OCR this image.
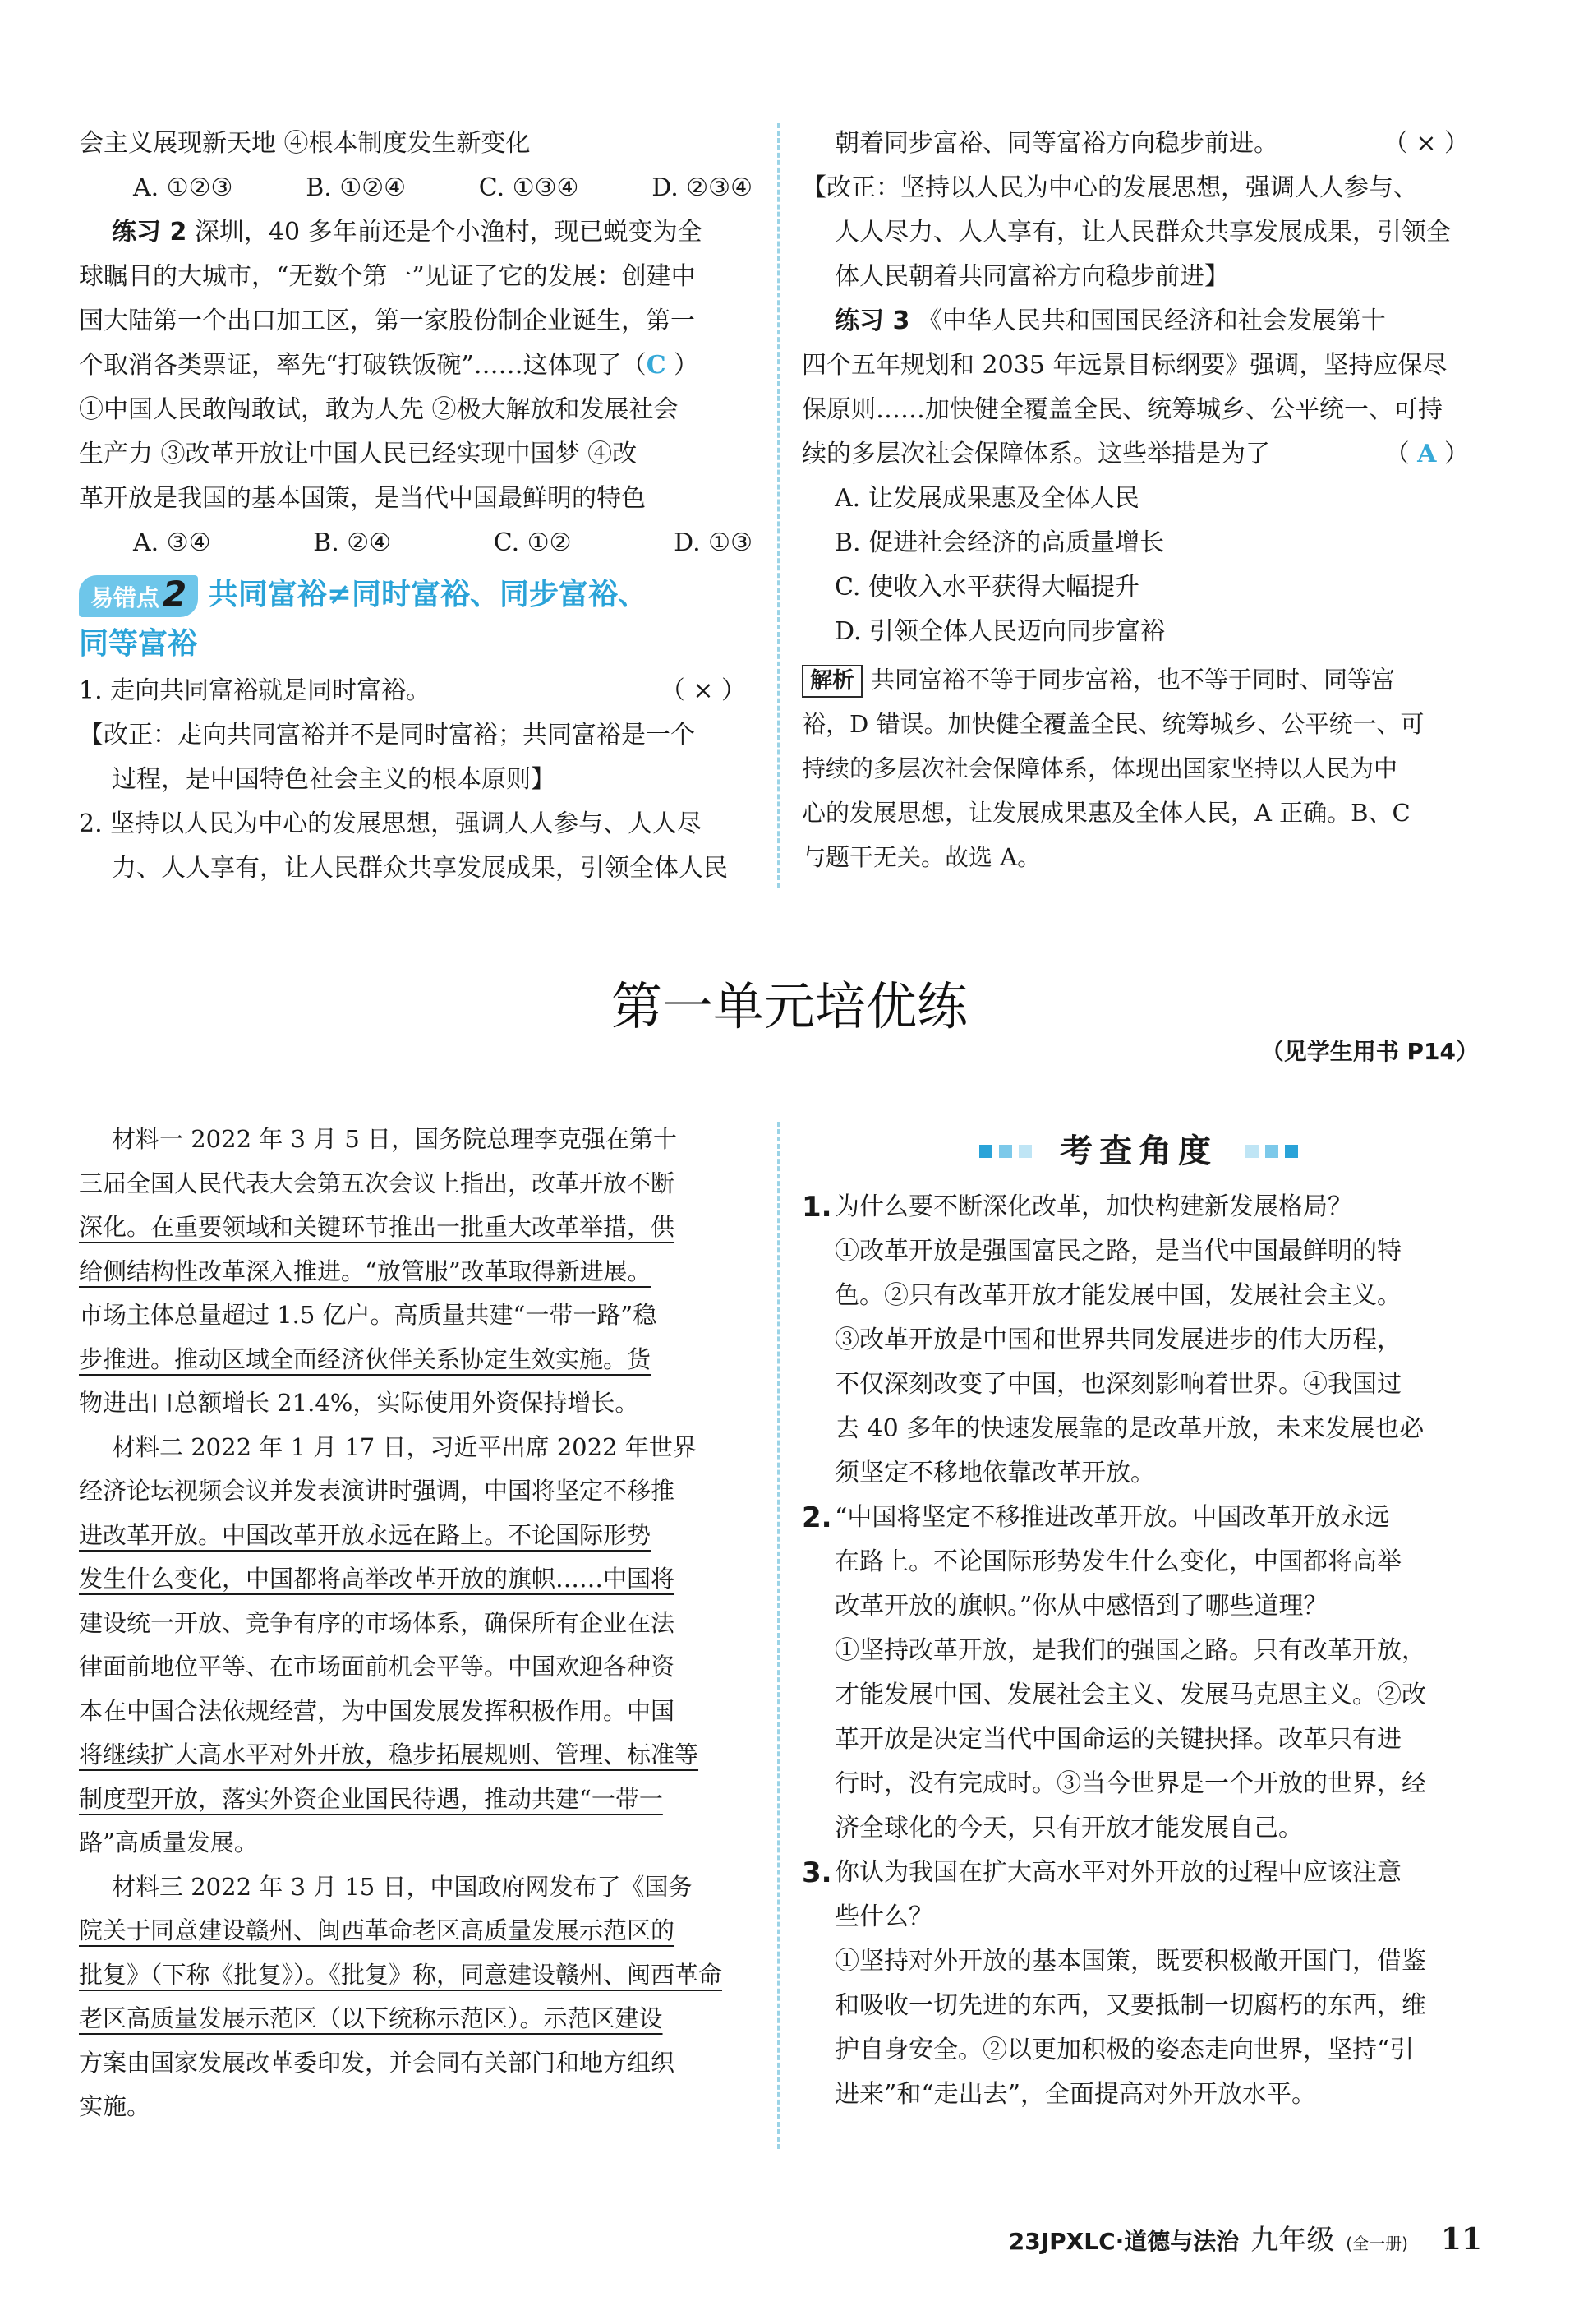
会主义展现新天地 ④根本制度发生新变化

A. ①②③	B. ①②④	C. ①③④	D. ②③④

练习 2 深圳，40 多年前还是个小渔村，现已蜕变为全

球瞩目的大城市，“无数个第一”见证了它的发展：创建中

国大陆第一个出口加工区，第一家股份制企业诞生，第一

个取消各类票证，率先“打破铁饭碗”……这体现了（C ）

①中国人民敢闯敢试，敢为人先 ②极大解放和发展社会

生产力 ③改革开放让中国人民已经实现中国梦 ④改

革开放是我国的基本国策，是当代中国最鲜明的特色

A. ③④	B. ②④	C. ①②	D. ①③
易错点2 共同富裕≠同时富裕、同步富裕、
同等富裕

1. 走向共同富裕就是同时富裕。	（ × ）

【改正：走向共同富裕并不是同时富裕；共同富裕是一个

过程，是中国特色社会主义的根本原则】

2. 坚持以人民为中心的发展思想，强调人人参与、人人尽

力、人人享有，让人民群众共享发展成果，引领全体人民

朝着同步富裕、同等富裕方向稳步前进。	（ × ）

【改正：坚持以人民为中心的发展思想，强调人人参与、

人人尽力、人人享有，让人民群众共享发展成果，引领全

体人民朝着共同富裕方向稳步前进】

练习 3 《中华人民共和国国民经济和社会发展第十

四个五年规划和 2035 年远景目标纲要》强调，坚持应保尽

保原则……加快健全覆盖全民、统筹城乡、公平统一、可持

续的多层次社会保障体系。这些举措是为了	（ A ）

A. 让发展成果惠及全体人民

B. 促进社会经济的高质量增长

C. 使收入水平获得大幅提升

D. 引领全体人民迈向同步富裕

解析 共同富裕不等于同步富裕，也不等于同时、同等富

裕，D 错误。加快健全覆盖全民、统筹城乡、公平统一、可

持续的多层次社会保障体系，体现出国家坚持以人民为中

心的发展思想，让发展成果惠及全体人民，A 正确。B、C

与题干无关。故选 A。

第一单元培优练
（见学生用书 P14）

材料一 2022 年 3 月 5 日，国务院总理李克强在第十

三届全国人民代表大会第五次会议上指出，改革开放不断

深化。在重要领域和关键环节推出一批重大改革举措，供

给侧结构性改革深入推进。“放管服”改革取得新进展。

市场主体总量超过 1.5 亿户。高质量共建“一带一路”稳

步推进。推动区域全面经济伙伴关系协定生效实施。货

物进出口总额增长 21.4%，实际使用外资保持增长。

材料二 2022 年 1 月 17 日，习近平出席 2022 年世界

经济论坛视频会议并发表演讲时强调，中国将坚定不移推

进改革开放。中国改革开放永远在路上。不论国际形势

发生什么变化，中国都将高举改革开放的旗帜……中国将

建设统一开放、竞争有序的市场体系，确保所有企业在法

律面前地位平等、在市场面前机会平等。中国欢迎各种资

本在中国合法依规经营，为中国发展发挥积极作用。中国

将继续扩大高水平对外开放，稳步拓展规则、管理、标准等

制度型开放，落实外资企业国民待遇，推动共建“一带一

路”高质量发展。

材料三 2022 年 3 月 15 日，中国政府网发布了《国务

院关于同意建设赣州、闽西革命老区高质量发展示范区的

批复》（下称《批复》）。《批复》称，同意建设赣州、闽西革命

老区高质量发展示范区（以下统称示范区）。示范区建设

方案由国家发展改革委印发，并会同有关部门和地方组织

实施。

考查角度
1. 为什么要不断深化改革，加快构建新发展格局？

①改革开放是强国富民之路，是当代中国最鲜明的特

色。②只有改革开放才能发展中国，发展社会主义。

③改革开放是中国和世界共同发展进步的伟大历程，

不仅深刻改变了中国，也深刻影响着世界。④我国过

去 40 多年的快速发展靠的是改革开放，未来发展也必

须坚定不移地依靠改革开放。

2. “中国将坚定不移推进改革开放。中国改革开放永远

在路上。不论国际形势发生什么变化，中国都将高举

改革开放的旗帜。”你从中感悟到了哪些道理？

①坚持改革开放，是我们的强国之路。只有改革开放，

才能发展中国、发展社会主义、发展马克思主义。②改

革开放是决定当代中国命运的关键抉择。改革只有进

行时，没有完成时。③当今世界是一个开放的世界，经

济全球化的今天，只有开放才能发展自己。

3. 你认为我国在扩大高水平对外开放的过程中应该注意

些什么？

①坚持对外开放的基本国策，既要积极敞开国门，借鉴

和吸收一切先进的东西，又要抵制一切腐朽的东西，维

护自身安全。②以更加积极的姿态走向世界，坚持“引

进来”和“走出去”，全面提高对外开放水平。

23JPXLC·道德与法治 九年级 (全一册) 11
